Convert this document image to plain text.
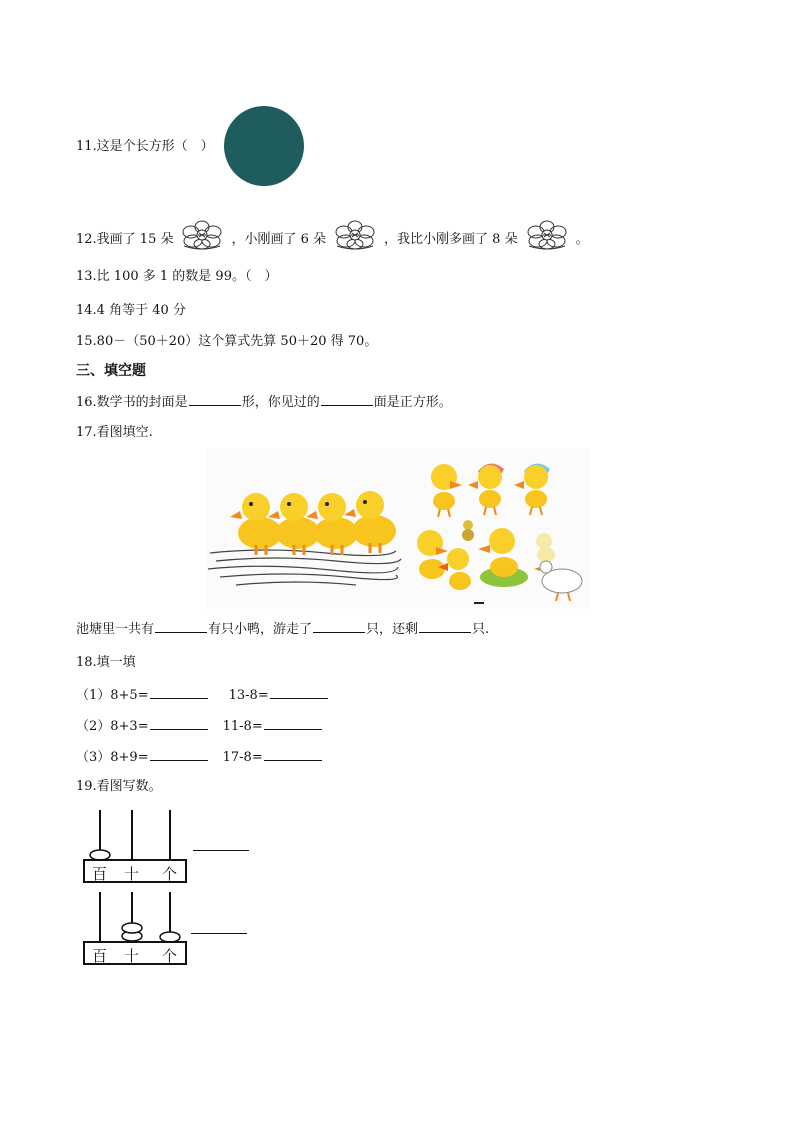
11.这是个长方形（　）
12.我画了 15 朵	，小刚画了 6 朵	，我比小刚多画了 8 朵	。
13.比 100 多 1 的数是 99。（　）
14.4 角等于 40 分
15.80－（50＋20）这个算式先算 50＋20 得 70。
三、填空题
16.数学书的封面是	形，你见过的	面是正方形。
17.看图填空.
池塘里一共有	有只小鸭，游走了	只，还剩	只.
18.填一填
（1）8+5=	13-8=
（2）8+3=	11-8=
（3）8+9=	17-8=
19.看图写数。
百 十 个
百 十 个
